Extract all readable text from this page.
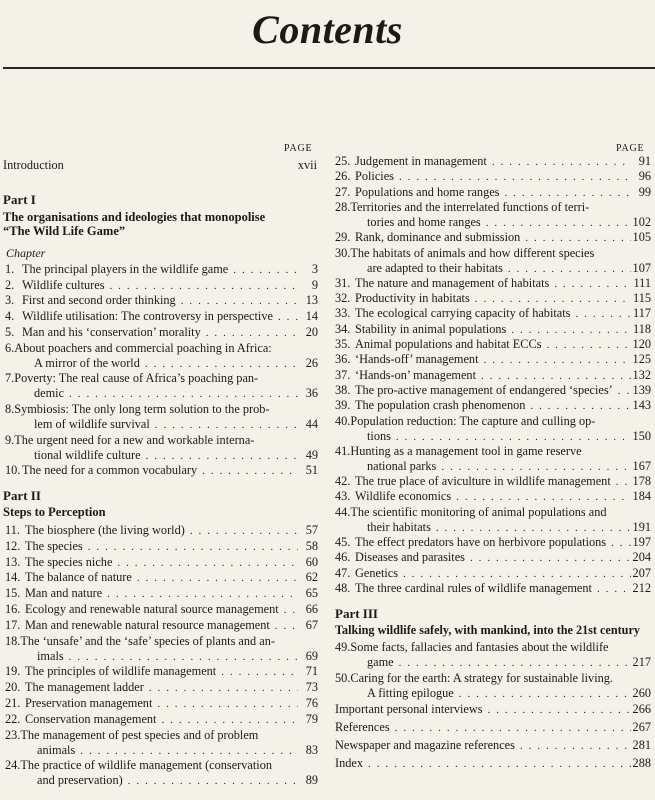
Contents
PAGE	PAGE
Introduction	xvii
Part I
The organisations and ideologies that monopolise
“The Wild Life Game”
Chapter
1. The principal players in the wildlife game . . .	3
2. Wildlife cultures . . .	9
3. First and second order thinking . . .	13
4. Wildlife utilisation: The controversy in perspective . . .	14
5. Man and his ‘conservation’ morality . . .	20
6.About poachers and commercial poaching in Africa:
A mirror of the world . . .	26
7.Poverty: The real cause of Africa’s poaching pan-
demic . . .	36
8.Symbiosis: The only long term solution to the prob-
lem of wildlife survival . . .	44
9.The urgent need for a new and workable interna-
tional wildlife culture . . .	49
10. The need for a common vocabulary . . .	51
11. The biosphere (the living world) . . .	57
12. The species . . .	58
13. The species niche . . .	60
14. The balance of nature . . .	62
15. Man and nature . . .	65
16. Ecology and renewable natural source management . . .	66
17. Man and renewable natural resource management . . .	67
18.The ‘unsafe’ and the ‘safe’ species of plants and an-
imals . . .	69
19. The principles of wildlife management . . .	71
20. The management ladder . . .	73
21. Preservation management . . .	76
22. Conservation management . . .	79
23.The management of pest species and of problem
animals . . .	83
24.The practice of wildlife management (conservation
and preservation) . . .	89
Part II
Steps to Perception
25. Judgement in management . . .	91
26. Policies . . .	96
27. Populations and home ranges . . .	99
28.Territories and the interrelated functions of terri-
tories and home ranges . . .	102
29. Rank, dominance and submission . . .	105
30.The habitats of animals and how different species
are adapted to their habitats . . .	107
31. The nature and management of habitats . . .	111
32. Productivity in habitats . . .	115
33. The ecological carrying capacity of habitats . . .	117
34. Stability in animal populations . . .	118
35. Animal populations and habitat ECCs . . .	120
36. ‘Hands-off’ management . . .	125
37. ‘Hands-on’ management . . .	132
38. The pro-active management of endangered ‘species’ . . . 139
39. The population crash phenomenon . . .	143
40.Population reduction: The capture and culling op-
tions . . .	150
41.Hunting as a management tool in game reserve
national parks . . .	167
42. The true place of aviculture in wildlife management . . . 178
43. Wildlife economics . . .	184
44.The scientific monitoring of animal populations and
their habitats . . .	191
45. The effect predators have on herbivore populations . . . 197
46. Diseases and parasites . . .	204
47. Genetics . . .	207
48. The three cardinal rules of wildlife management . . .	212
49.Some facts, fallacies and fantasies about the wildlife
game . . .	217
50.Caring for the earth: A strategy for sustainable living.
A fitting epilogue . . .	260
Important personal interviews . . .	266
References . . .	267
Newspaper and magazine references . . .	281
Index . . .	288
Part III
Talking wildlife safely, with mankind, into the 21st century
